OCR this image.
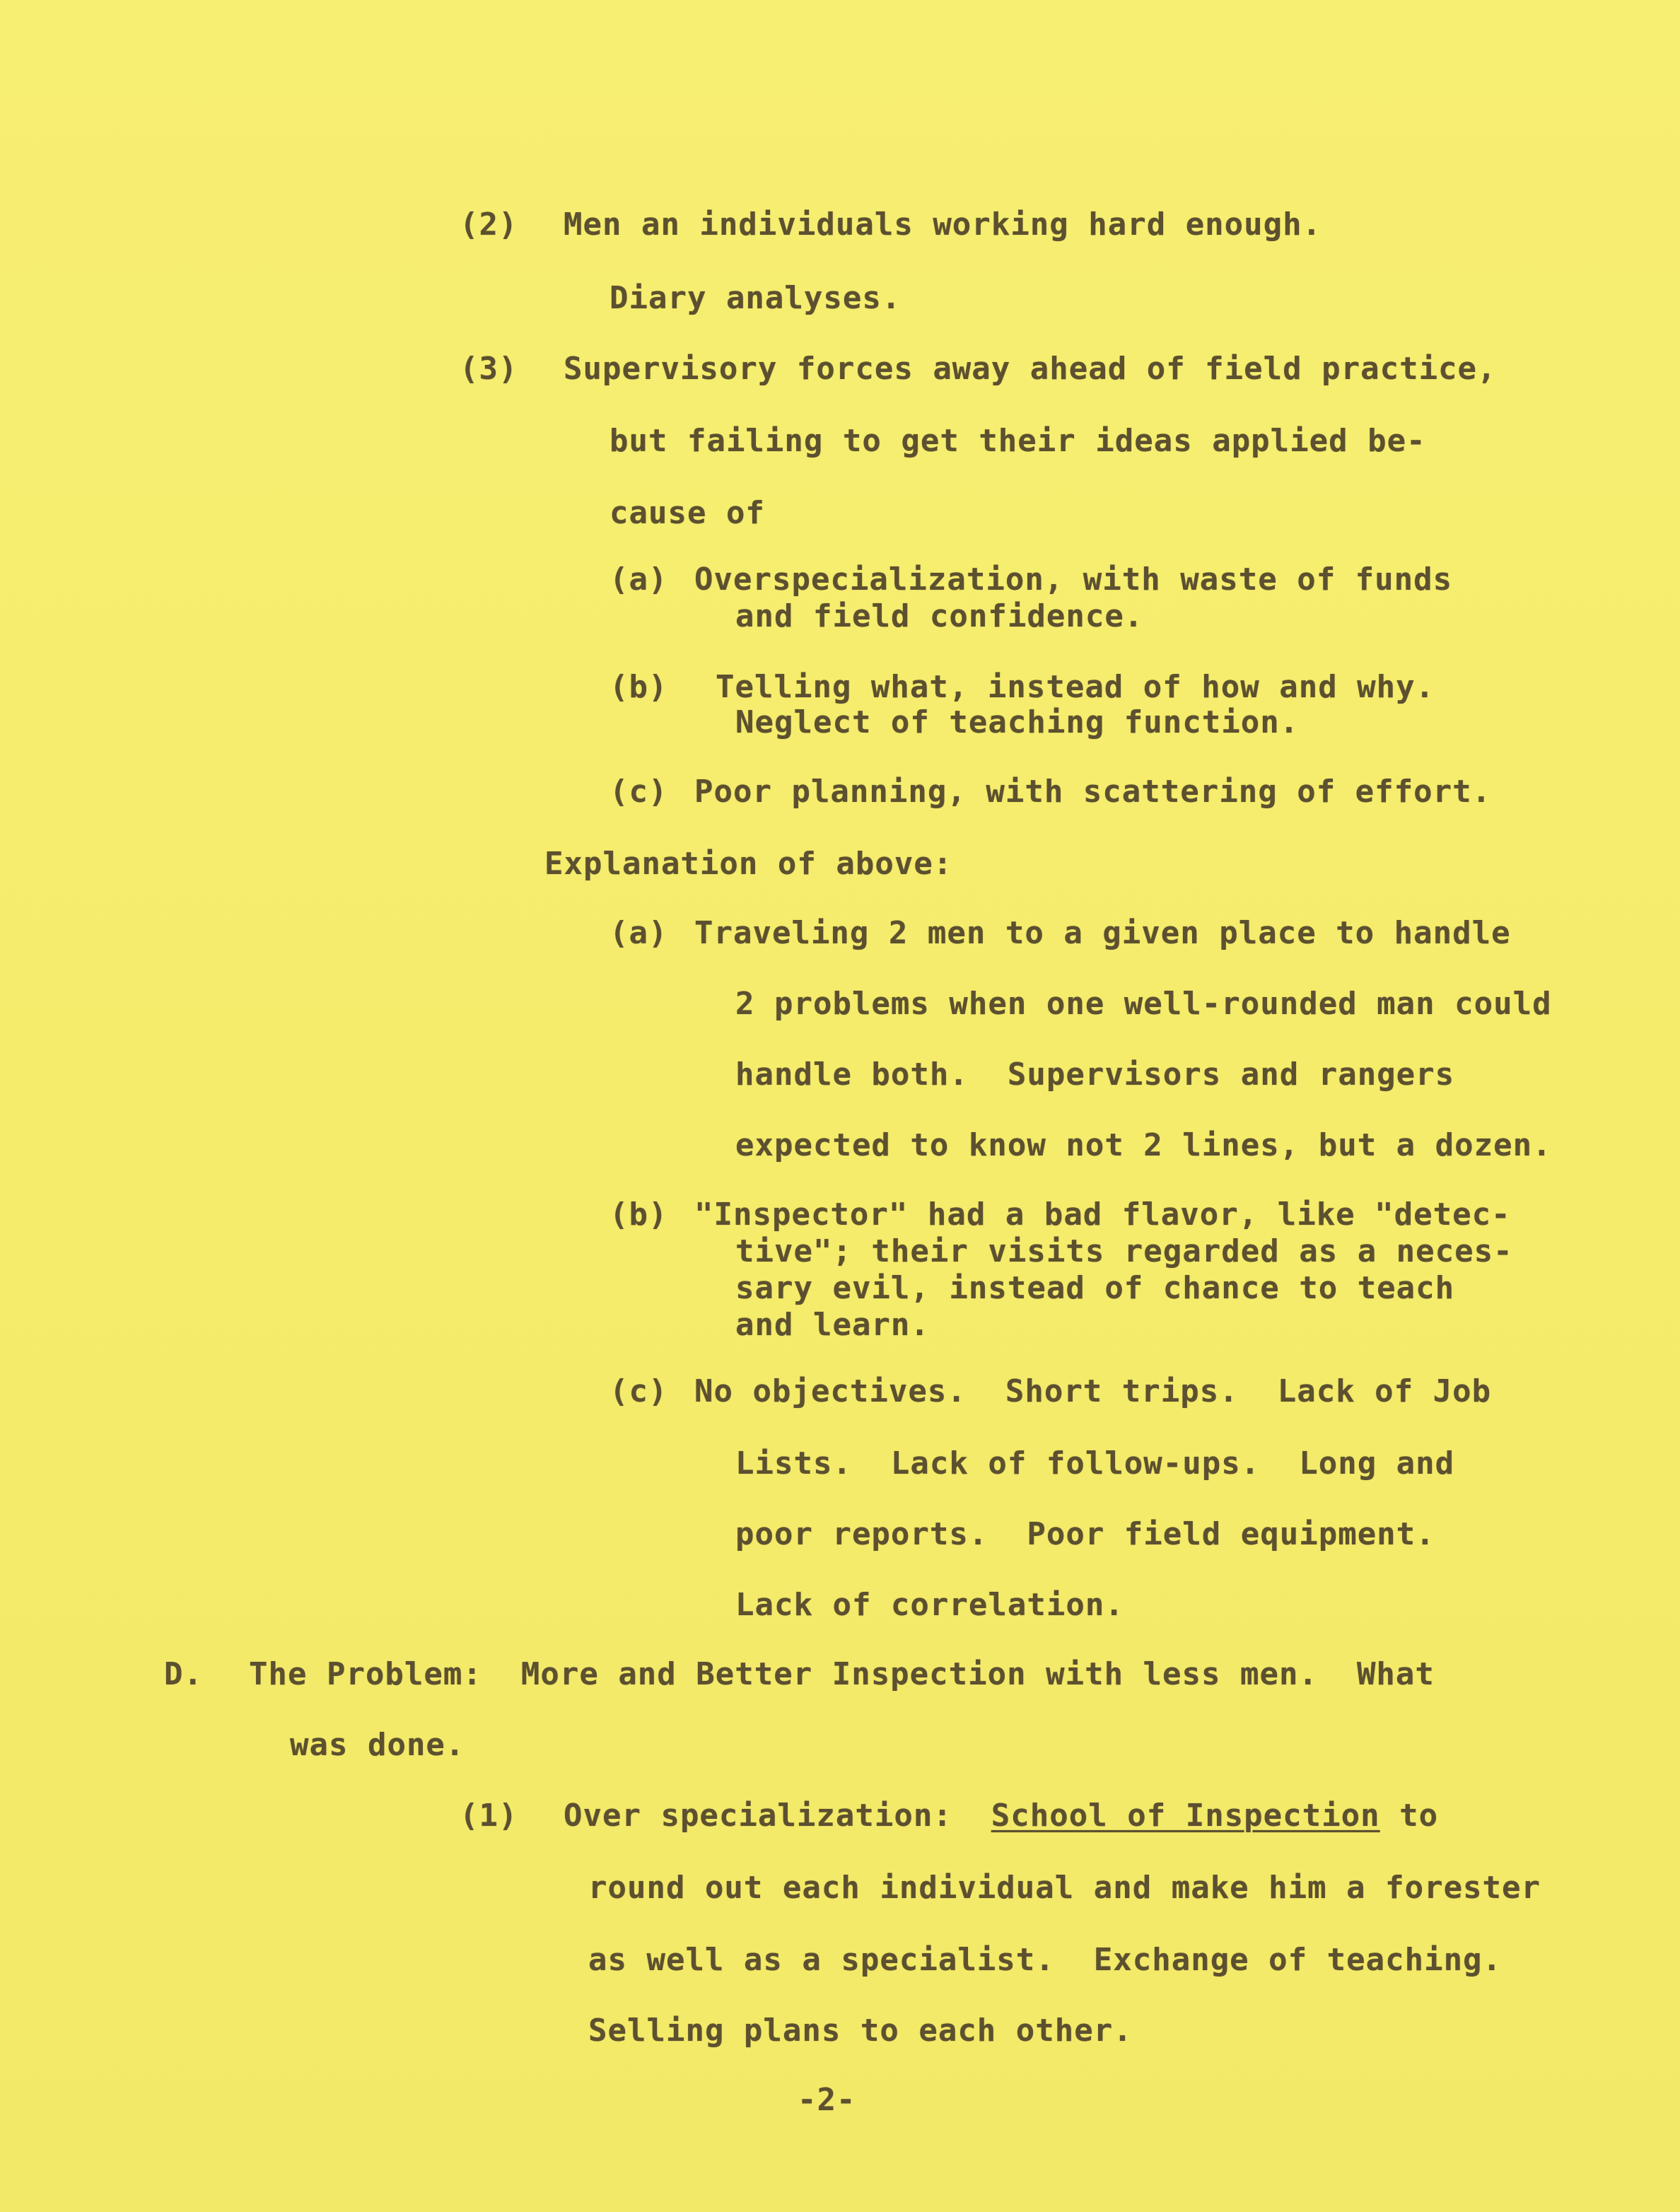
(2) Men an individuals working hard enough.
Diary analyses.
(3) Supervisory forces away ahead of field practice,
but failing to get their ideas applied be-
cause of
(a) Overspecialization, with waste of funds
and field confidence.
(b) Telling what, instead of how and why.
Neglect of teaching function.
(c) Poor planning, with scattering of effort.
Explanation of above:
(a) Traveling 2 men to a given place to handle
2 problems when one well-rounded man could
handle both.  Supervisors and rangers
expected to know not 2 lines, but a dozen.
(b) "Inspector" had a bad flavor, like "detec-
tive"; their visits regarded as a neces-
sary evil, instead of chance to teach
and learn.
(c) No objectives.  Short trips.  Lack of Job
Lists.  Lack of follow-ups.  Long and
poor reports.  Poor field equipment.
Lack of correlation.
D. The Problem:  More and Better Inspection with less men.  What
was done.
(1) Over specialization:  School of Inspection to
round out each individual and make him a forester
as well as a specialist.  Exchange of teaching.
Selling plans to each other.
-2-
